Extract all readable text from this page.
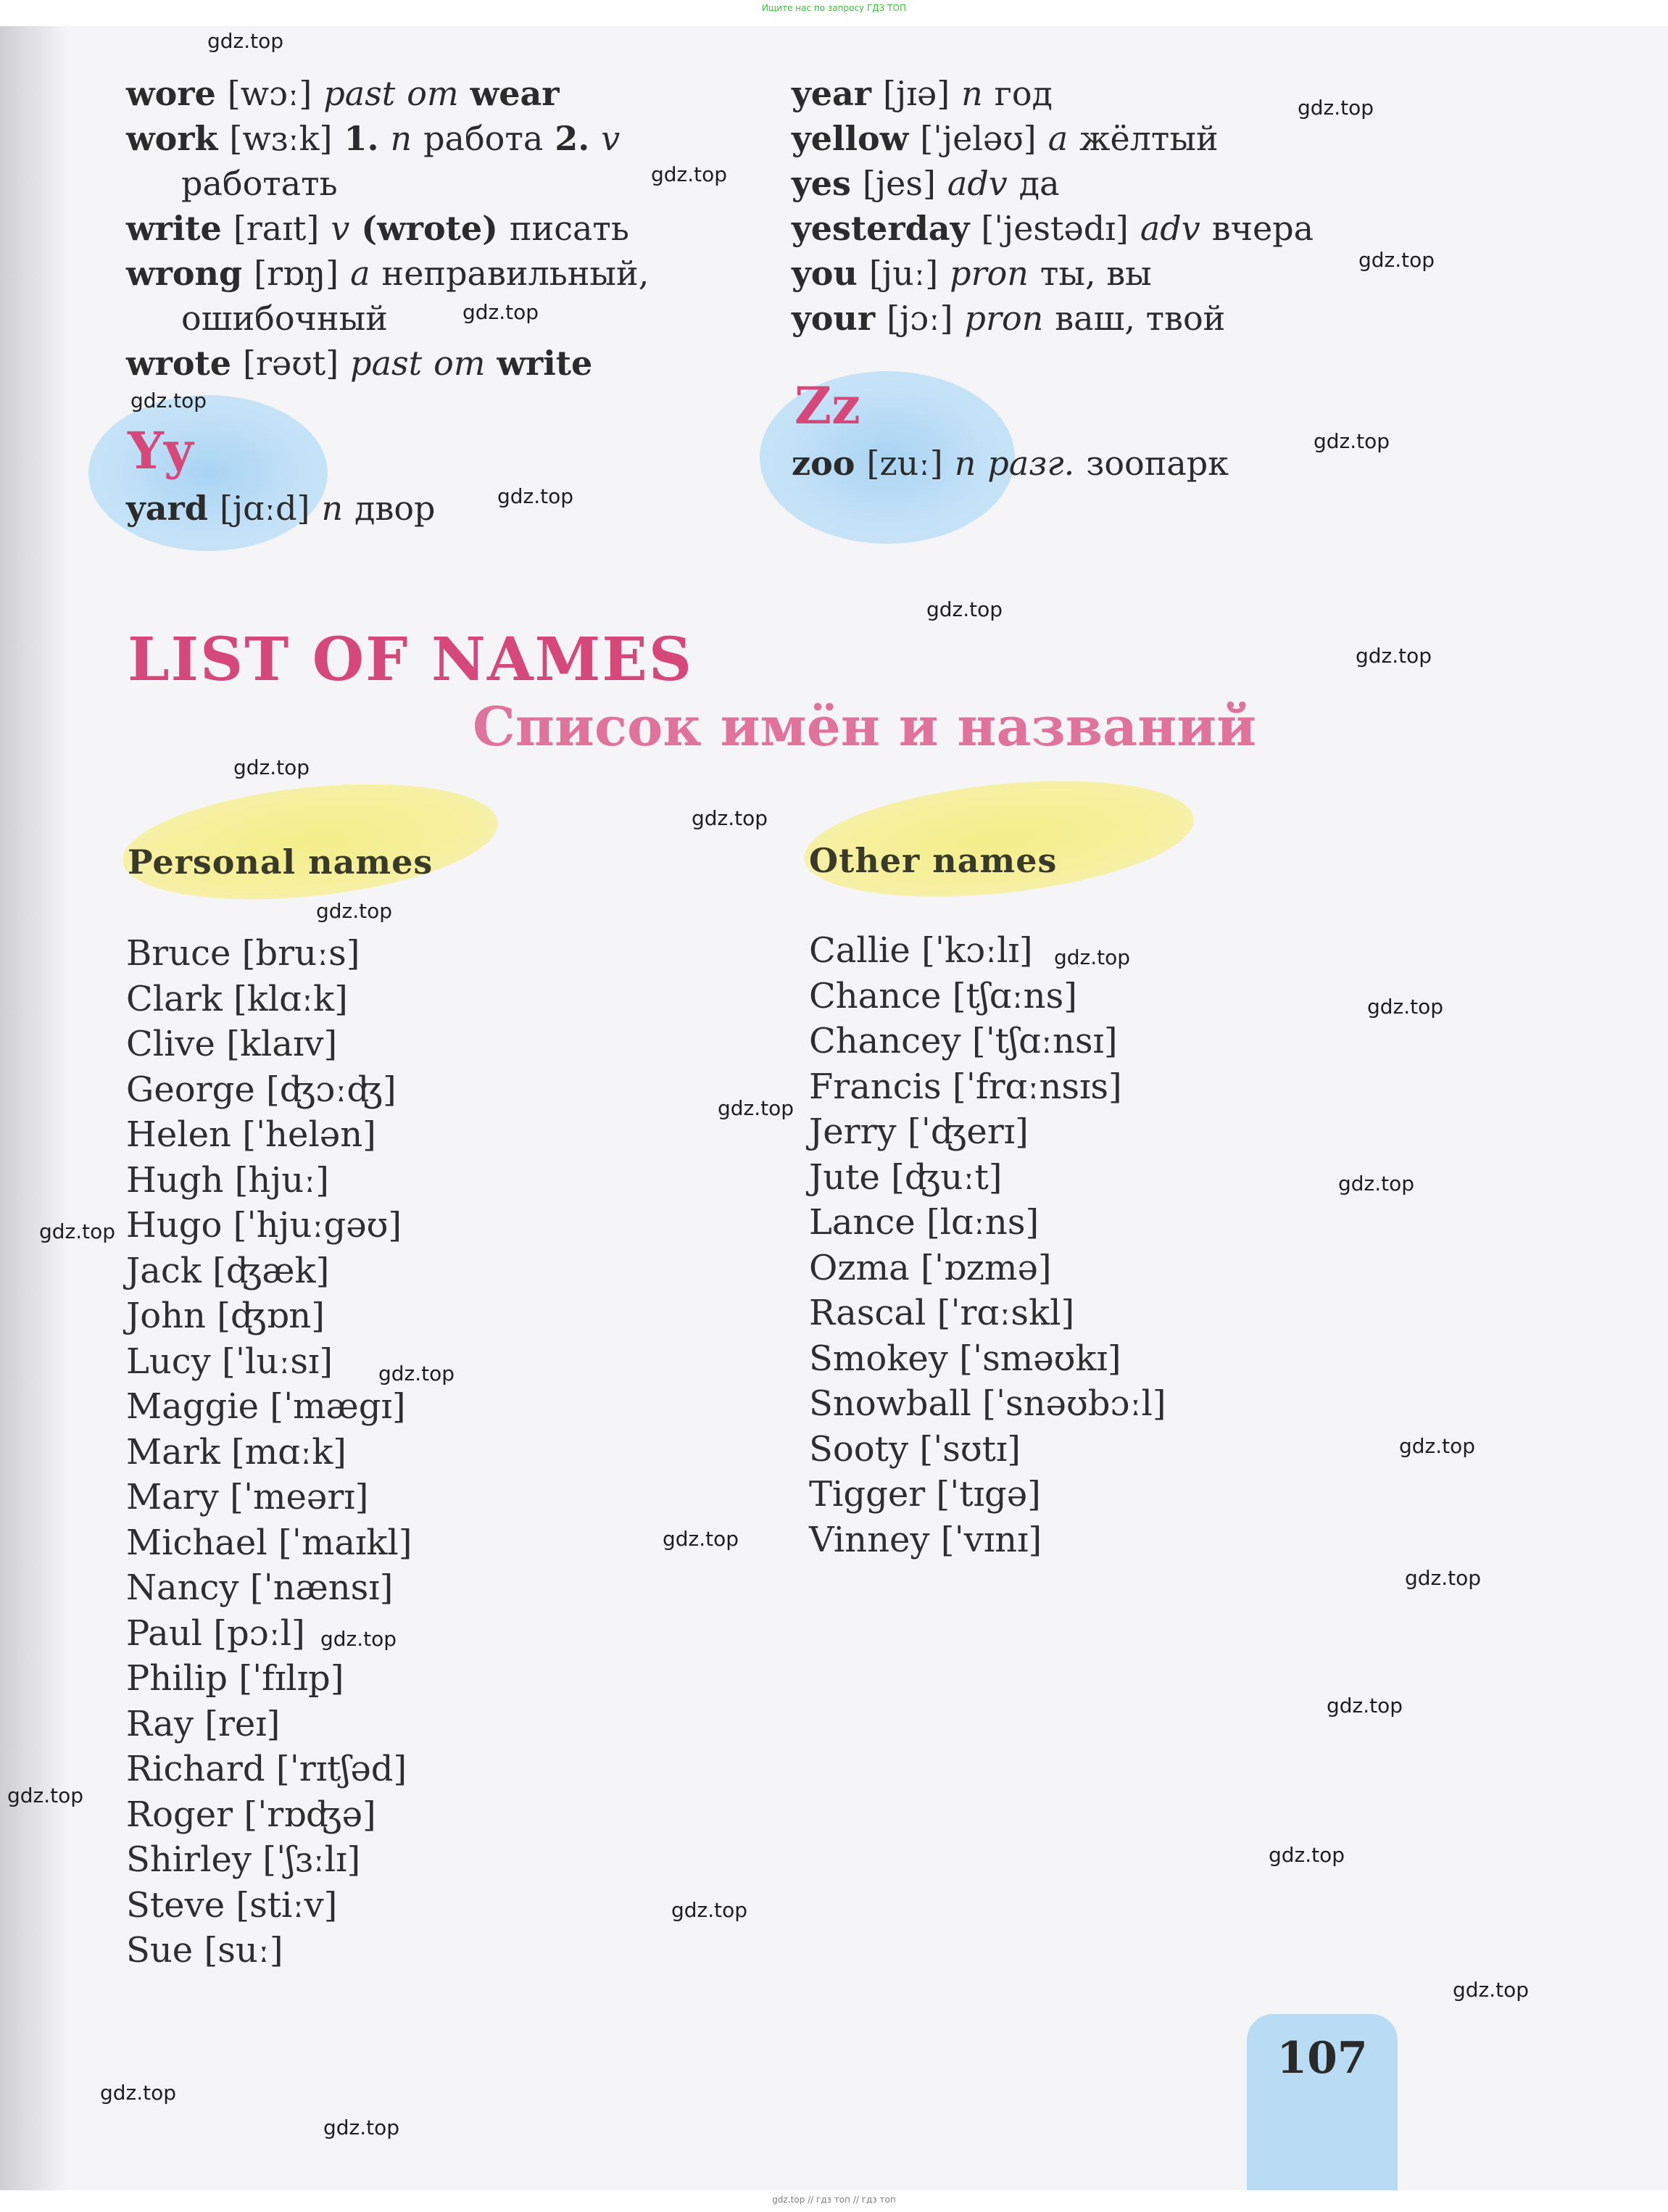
Ищите нас по запросу ГДЗ ТОП
wore [wɔː] past от wear
work [wɜːk] 1. n работа 2. v
работать
write [raɪt] v (wrote) писать
wrong [rɒŋ] a неправильный,
ошибочный
wrote [rəʊt] past от write
Yy
yard [jɑːd] n двор
year [jɪə] n год
yellow [ˈjeləʊ] a жёлтый
yes [jes] adv да
yesterday [ˈjestədɪ] adv вчера
you [juː] pron ты, вы
your [jɔː] pron ваш, твой
Zz
zoo [zuː] n разг. зоопарк
LIST OF NAMES
Список имён и названий
Personal names	Other names
Bruce [bruːs]
Clark [klɑːk]
Clive [klaɪv]
George [ʤɔːʤ]
Helen [ˈhelən]
Hugh [hjuː]
Hugo [ˈhjuːgəʊ]
Jack [ʤæk]
John [ʤɒn]
Lucy [ˈluːsɪ]
Maggie [ˈmægɪ]
Mark [mɑːk]
Mary [ˈmeərɪ]
Michael [ˈmaɪkl]
Nancy [ˈnænsɪ]
Paul [pɔːl]
Philip [ˈfɪlɪp]
Ray [reɪ]
Richard [ˈrɪtʃəd]
Roger [ˈrɒʤə]
Shirley [ˈʃɜːlɪ]
Steve [stiːv]
Sue [suː]
Callie [ˈkɔːlɪ]
Chance [tʃɑːns]
Chancey [ˈtʃɑːnsɪ]
Francis [ˈfrɑːnsɪs]
Jerry [ˈʤerɪ]
Jute [ʤuːt]
Lance [lɑːns]
Ozma [ˈɒzmə]
Rascal [ˈrɑːskl]
Smokey [ˈsməʊkɪ]
Snowball [ˈsnəʊbɔːl]
Sooty [ˈsʊtɪ]
Tigger [ˈtɪgə]
Vinney [ˈvɪnɪ]
107
gdz.top
gdz.top
gdz.top
gdz.top
gdz.top
gdz.top
gdz.top
gdz.top
gdz.top
gdz.top
gdz.top
gdz.top
gdz.top
gdz.top
gdz.top
gdz.top
gdz.top
gdz.top
gdz.top
gdz.top
gdz.top
gdz.top
gdz.top
gdz.top
gdz.top
gdz.top
gdz.top
gdz.top
gdz.top
gdz.top
gdz.top // гдз топ // гдз топ
